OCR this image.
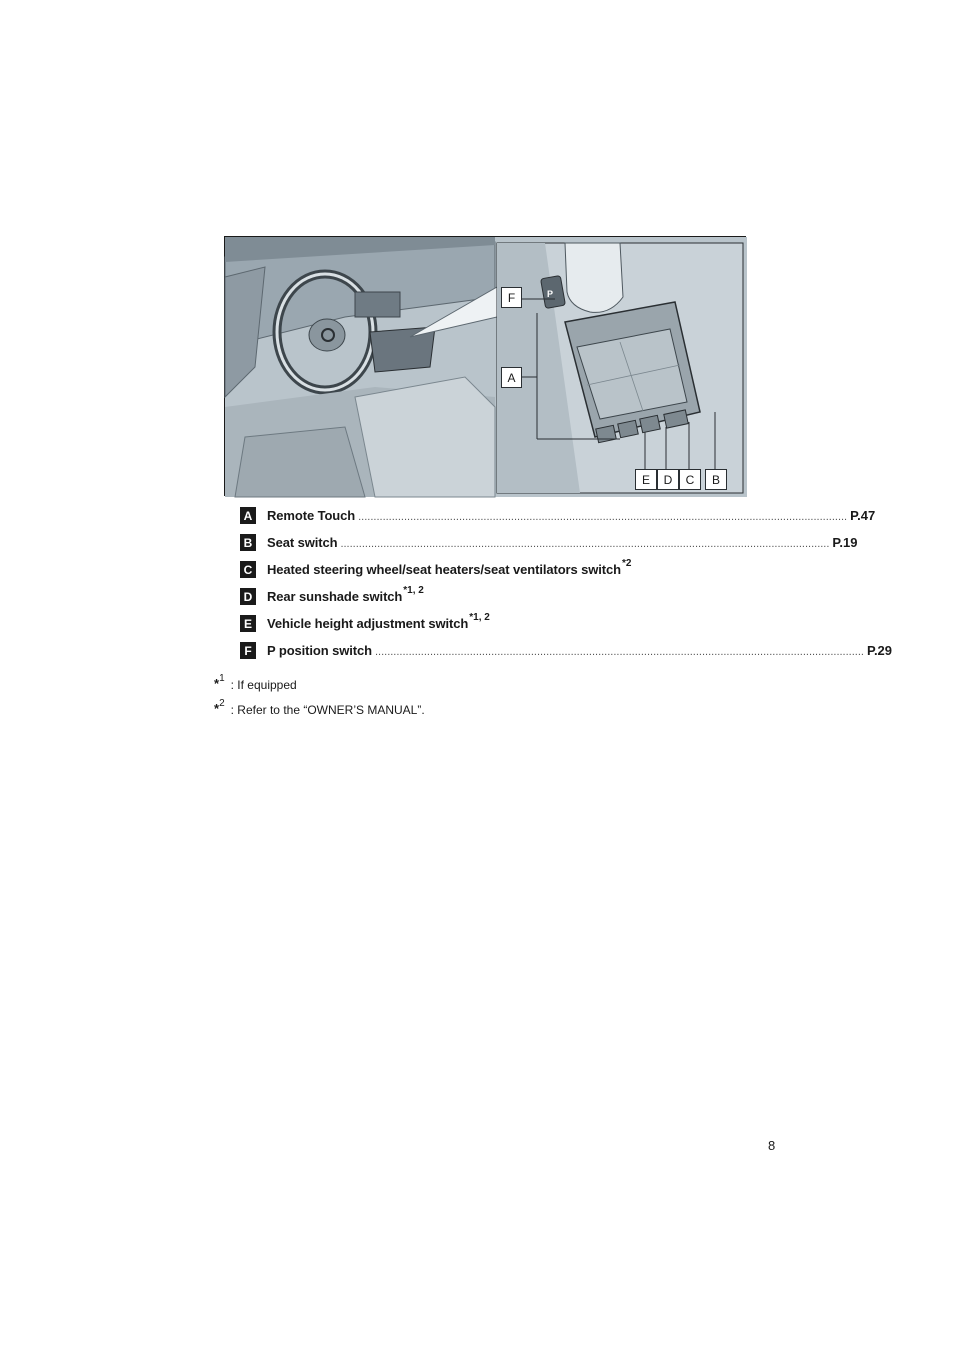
P
F
A
E	D	C	B
A Remote Touch ................................................................................................................................................................ P.47
B Seat switch ................................................................................................................................................................ P.19
C Heated steering wheel/seat heaters/seat ventilators switch *2
D Rear sunshade switch *1, 2
E	Vehicle height adjustment switch *1, 2
F	P position switch ................................................................................................................................................................ P.29
* 1 : If equipped
* 2 : Refer to the “OWNER’S MANUAL”.
8
